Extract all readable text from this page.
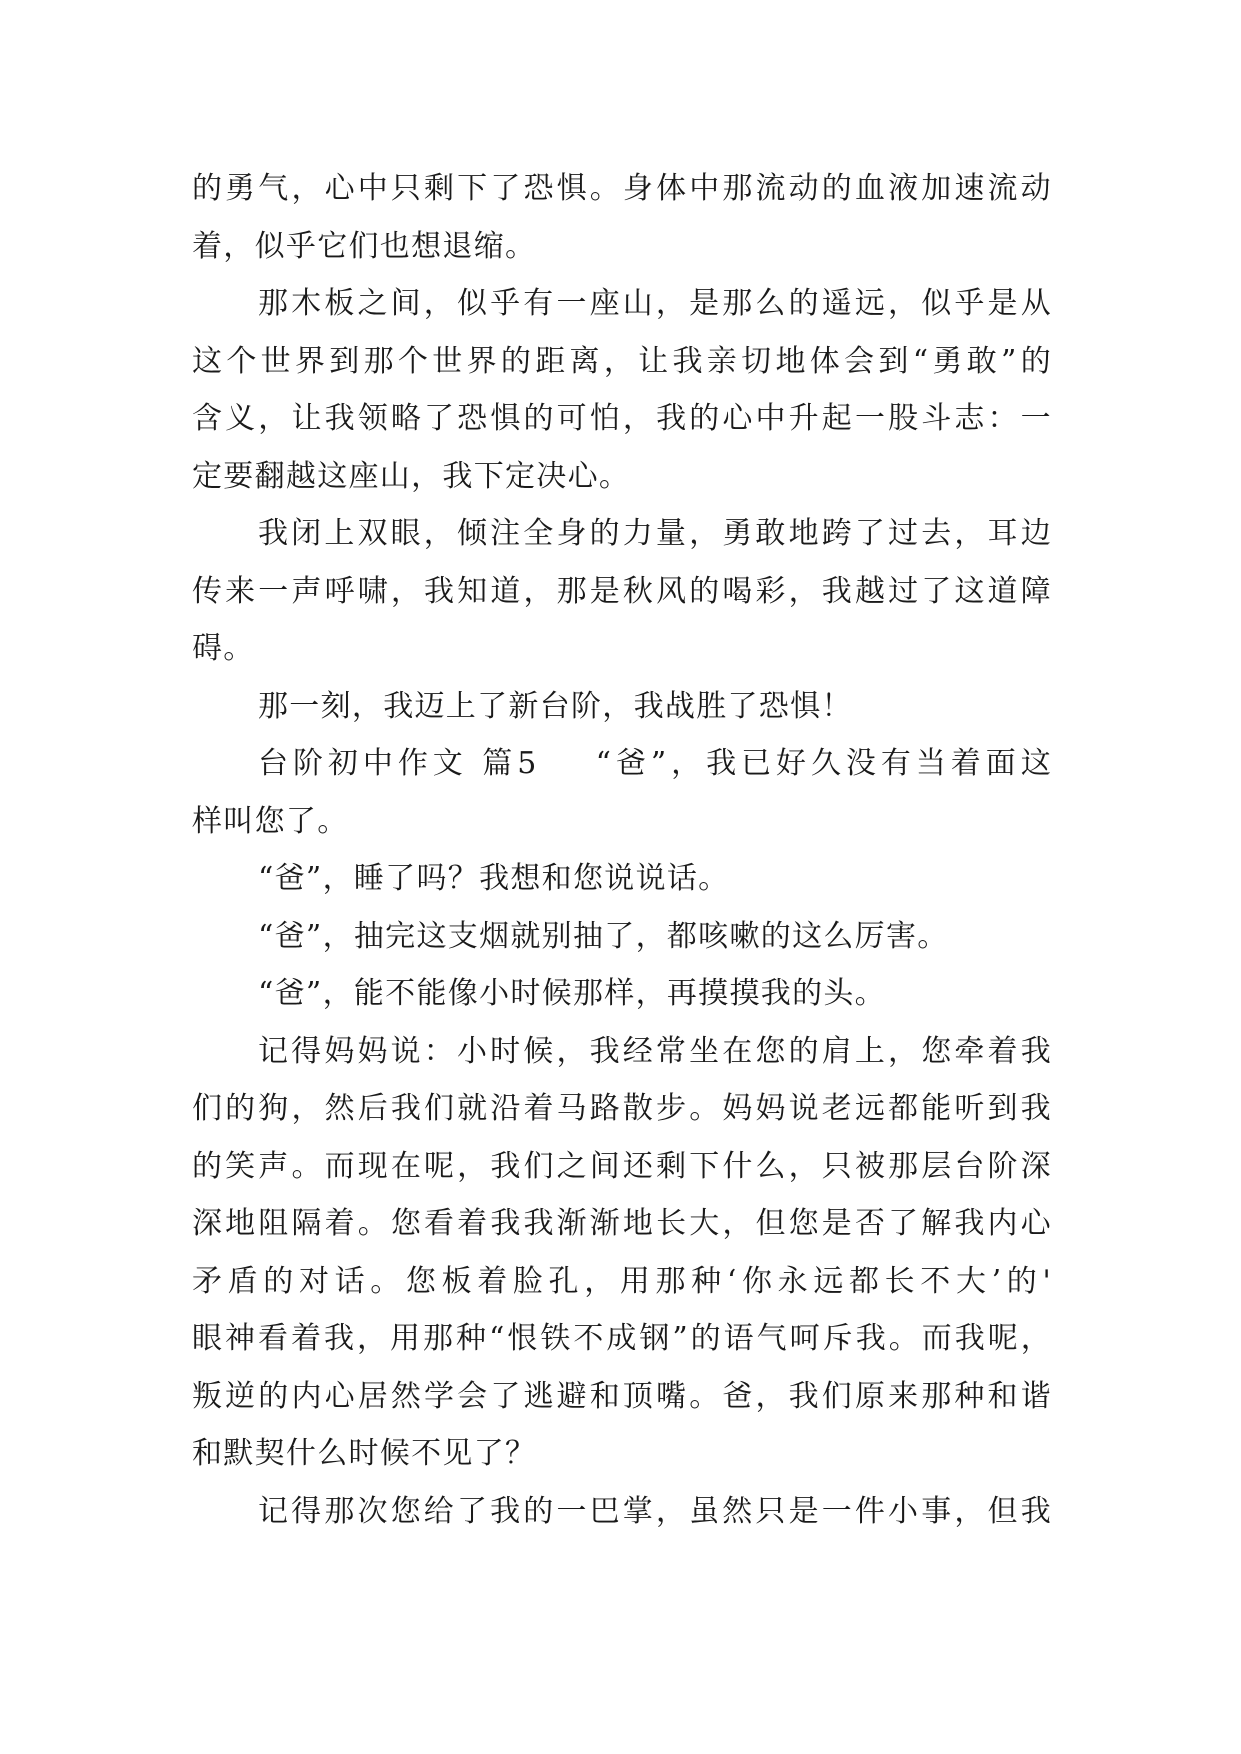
的勇气，心中只剩下了恐惧。身体中那流动的血液加速流动
着，似乎它们也想退缩。
那木板之间，似乎有一座山，是那么的遥远，似乎是从
这个世界到那个世界的距离，让我亲切地体会到“勇敢”的
含义，让我领略了恐惧的可怕，我的心中升起一股斗志：一
定要翻越这座山，我下定决心。
我闭上双眼，倾注全身的力量，勇敢地跨了过去，耳边
传来一声呼啸，我知道，那是秋风的喝彩，我越过了这道障
碍。
那一刻，我迈上了新台阶，我战胜了恐惧！
台阶初中作文 篇5 “爸”，我已好久没有当着面这
样叫您了。
“爸”，睡了吗？我想和您说说话。
“爸”，抽完这支烟就别抽了，都咳嗽的这么厉害。
“爸”，能不能像小时候那样，再摸摸我的头。
记得妈妈说：小时候，我经常坐在您的肩上，您牵着我
们的狗，然后我们就沿着马路散步。妈妈说老远都能听到我
的笑声。而现在呢，我们之间还剩下什么，只被那层台阶深
深地阻隔着。您看着我我渐渐地长大，但您是否了解我内心
矛盾的对话。您板着脸孔，用那种‘你永远都长不大’的'
眼神看着我，用那种“恨铁不成钢”的语气呵斥我。而我呢，
叛逆的内心居然学会了逃避和顶嘴。爸，我们原来那种和谐
和默契什么时候不见了？
记得那次您给了我的一巴掌，虽然只是一件小事，但我
